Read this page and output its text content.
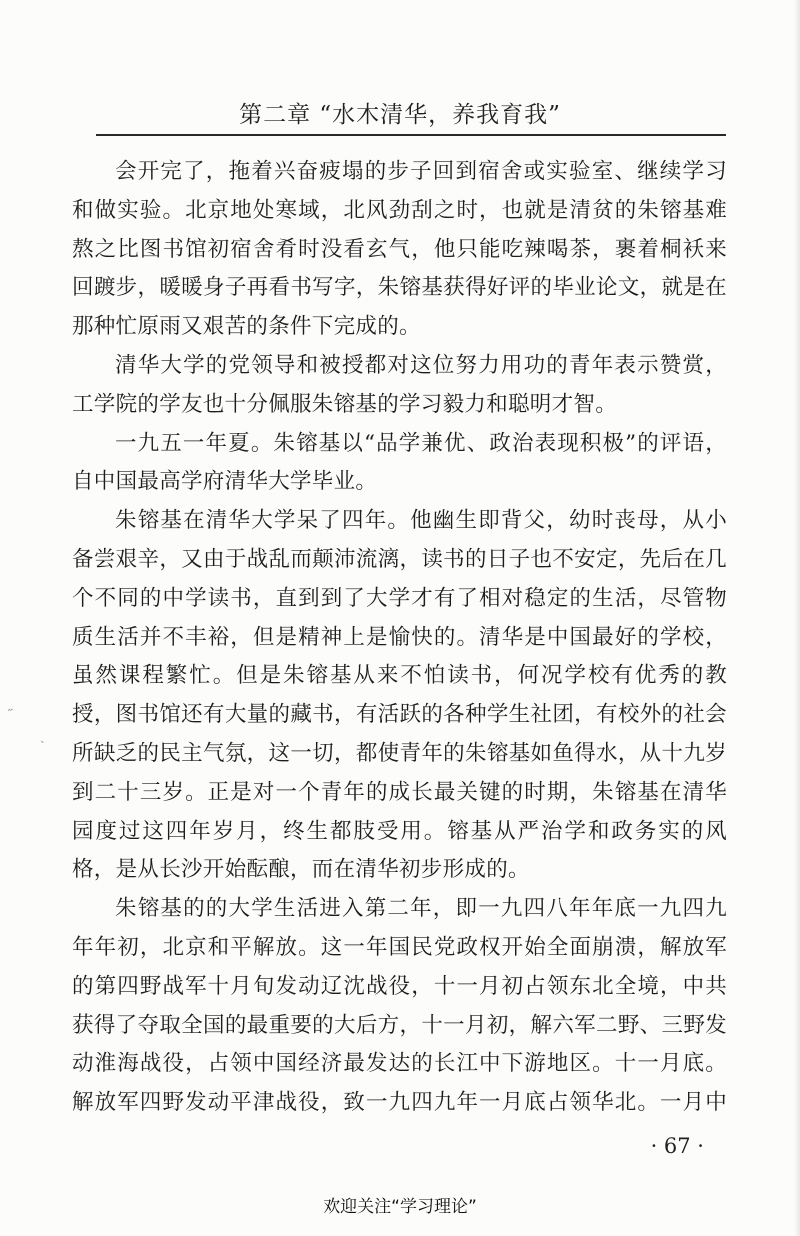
第二章 “水木清华，养我育我”
会开完了，拖着兴奋疲塌的步子回到宿舍或实验室、继续学习
和做实验。北京地处寒域，北风劲刮之时，也就是清贫的朱镕基难
熬之比图书馆初宿舍肴时没看玄气，他只能吃辣喝茶，裹着桐袄来
回踱步，暖暖身子再看书写字，朱镕基获得好评的毕业论文，就是在
那种忙原雨又艰苦的条件下完成的。
清华大学的党领导和被授都对这位努力用功的青年表示赞赏，
工学院的学友也十分佩服朱镕基的学习毅力和聪明才智。
一九五一年夏。朱镕基以“品学兼优、政治表现积极”的评语，
自中国最高学府清华大学毕业。
朱镕基在清华大学呆了四年。他幽生即背父，幼时丧母，从小
备尝艰辛，又由于战乱而颠沛流漓，读书的日子也不安定，先后在几
个不同的中学读书，直到到了大学才有了相对稳定的生活，尽管物
质生活并不丰裕，但是精神上是愉快的。清华是中国最好的学校，
虽然课程繁忙。但是朱镕基从来不怕读书，何况学校有优秀的教
授，图书馆还有大量的藏书，有活跃的各种学生社团，有校外的社会
所缺乏的民主气氛，这一切，都使青年的朱镕基如鱼得水，从十九岁
到二十三岁。正是对一个青年的成长最关键的时期，朱镕基在清华
园度过这四年岁月，终生都肢受用。镕基从严治学和政务实的风
格，是从长沙开始酝酿，而在清华初步形成的。
朱镕基的的大学生活进入第二年，即一九四八年年底一九四九
年年初，北京和平解放。这一年国民党政权开始全面崩溃，解放军
的第四野战军十月旬发动辽沈战役，十一月初占领东北全境，中共
获得了夺取全国的最重要的大后方，十一月初，解六军二野、三野发
动淮海战役，占领中国经济最发达的长江中下游地区。十一月底。
解放军四野发动平津战役，致一九四九年一月底占领华北。一月中
· 67 ·
欢迎关注“学习理论”
˶
˴
